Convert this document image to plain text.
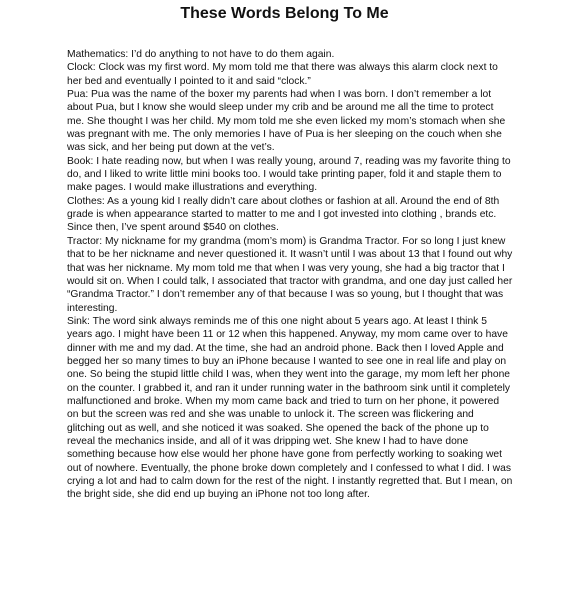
These Words Belong To Me

Mathematics: I’d do anything to not have to do them again.

Clock: Clock was my first word. My mom told me that there was always this alarm clock next to her bed and eventually I pointed to it and said “clock.”

Pua: Pua was the name of the boxer my parents had when I was born. I don’t remember a lot about Pua, but I know she would sleep under my crib and be around me all the time to protect me. She thought I was her child. My mom told me she even licked my mom’s stomach when she was pregnant with me. The only memories I have of Pua is her sleeping on the couch when she was sick, and her being put down at the vet’s.

Book: I hate reading now, but when I was really young, around 7, reading was my favorite thing to do, and I liked to write little mini books too. I would take printing paper, fold it and staple them to make pages. I would make illustrations and everything.

Clothes: As a young kid I really didn’t care about clothes or fashion at all. Around the end of 8th grade is when appearance started to matter to me and I got invested into clothing , brands etc. Since then, I’ve spent around $540 on clothes.

Tractor: My nickname for my grandma (mom’s mom) is Grandma Tractor. For so long I just knew that to be her nickname and never questioned it. It wasn’t until I was about 13 that I found out why that was her nickname. My mom told me that when I was very young, she had a big tractor that I would sit on. When I could talk, I associated that tractor with grandma, and one day just called her “Grandma Tractor.” I don’t remember any of that because I was so young, but I thought that was interesting.

Sink: The word sink always reminds me of this one night about 5 years ago. At least I think 5 years ago. I might have been 11 or 12 when this happened. Anyway, my mom came over to have dinner with me and my dad. At the time, she had an android phone. Back then I loved Apple and begged her so many times to buy an iPhone because I wanted to see one in real life and play on one. So being the stupid little child I was, when they went into the garage, my mom left her phone on the counter. I grabbed it, and ran it under running water in the bathroom sink until it completely malfunctioned and broke. When my mom came back and tried to turn on her phone, it powered on but the screen was red and she was unable to unlock it. The screen was flickering and glitching out as well, and she noticed it was soaked. She opened the back of the phone up to reveal the mechanics inside, and all of it was dripping wet. She knew I had to have done something because how else would her phone have gone from perfectly working to soaking wet out of nowhere. Eventually, the phone broke down completely and I confessed to what I did. I was crying a lot and had to calm down for the rest of the night. I instantly regretted that. But I mean, on the bright side, she did end up buying an iPhone not too long after.
